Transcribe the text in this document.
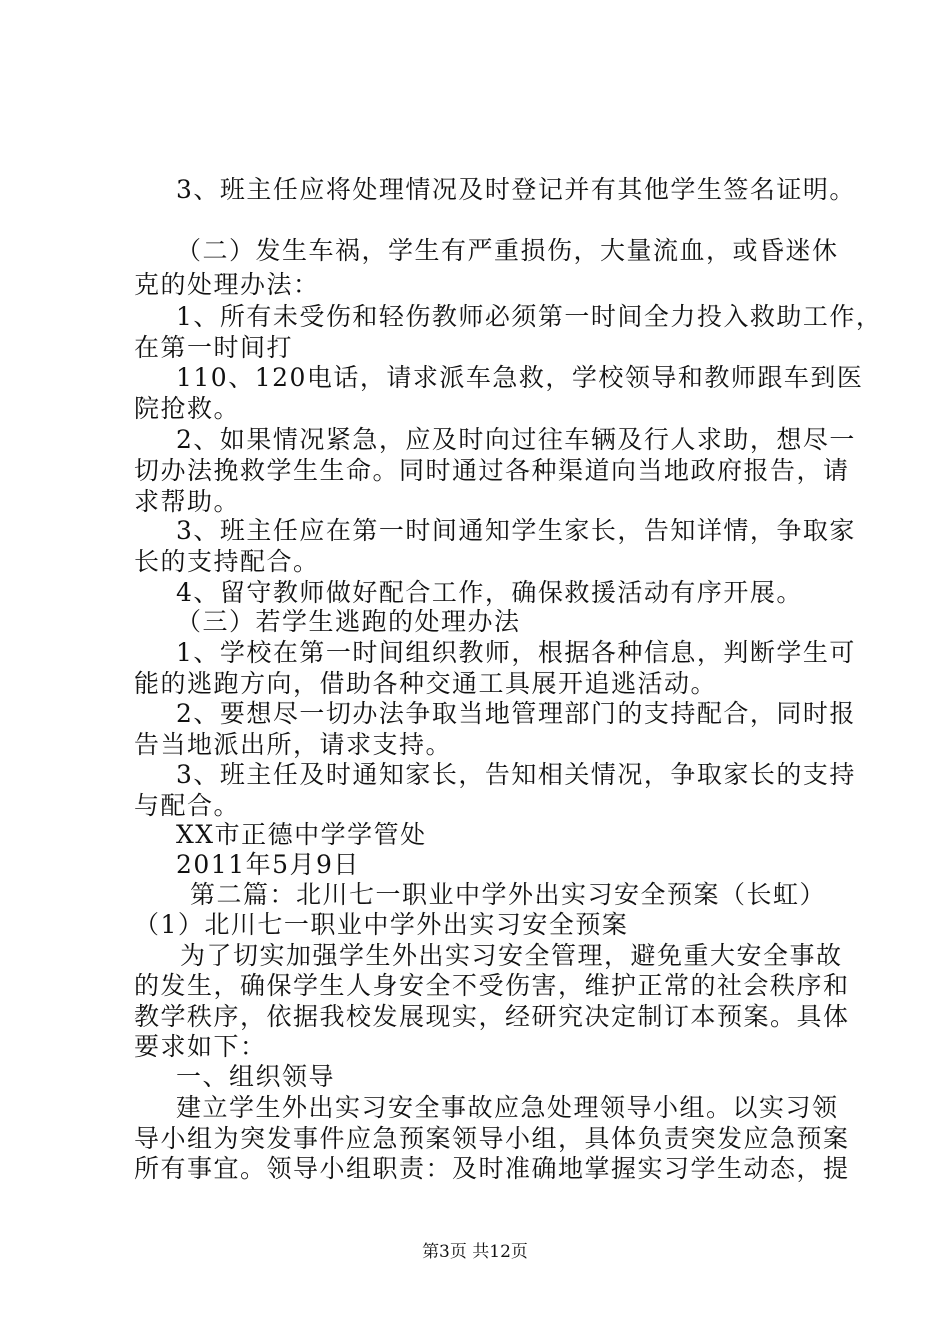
3、班主任应将处理情况及时登记并有其他学生签名证明。
（二）发生车祸，学生有严重损伤，大量流血，或昏迷休
克的处理办法：
1、所有未受伤和轻伤教师必须第一时间全力投入救助工作，
在第一时间打
110、120电话，请求派车急救，学校领导和教师跟车到医
院抢救。
2、如果情况紧急，应及时向过往车辆及行人求助，想尽一
切办法挽救学生生命。同时通过各种渠道向当地政府报告，请
求帮助。
3、班主任应在第一时间通知学生家长，告知详情，争取家
长的支持配合。
4、留守教师做好配合工作，确保救援活动有序开展。
（三）若学生逃跑的处理办法
1、学校在第一时间组织教师，根据各种信息，判断学生可
能的逃跑方向，借助各种交通工具展开追逃活动。
2、要想尽一切办法争取当地管理部门的支持配合，同时报
告当地派出所，请求支持。
3、班主任及时通知家长，告知相关情况，争取家长的支持
与配合。
XX市正德中学学管处
2011年5月9日
第二篇：北川七一职业中学外出实习安全预案（长虹）
（1）北川七一职业中学外出实习安全预案
为了切实加强学生外出实习安全管理，避免重大安全事故
的发生，确保学生人身安全不受伤害，维护正常的社会秩序和
教学秩序，依据我校发展现实，经研究决定制订本预案。具体
要求如下：
一、组织领导
建立学生外出实习安全事故应急处理领导小组。以实习领
导小组为突发事件应急预案领导小组，具体负责突发应急预案
所有事宜。领导小组职责：及时准确地掌握实习学生动态，提
第3页 共12页
